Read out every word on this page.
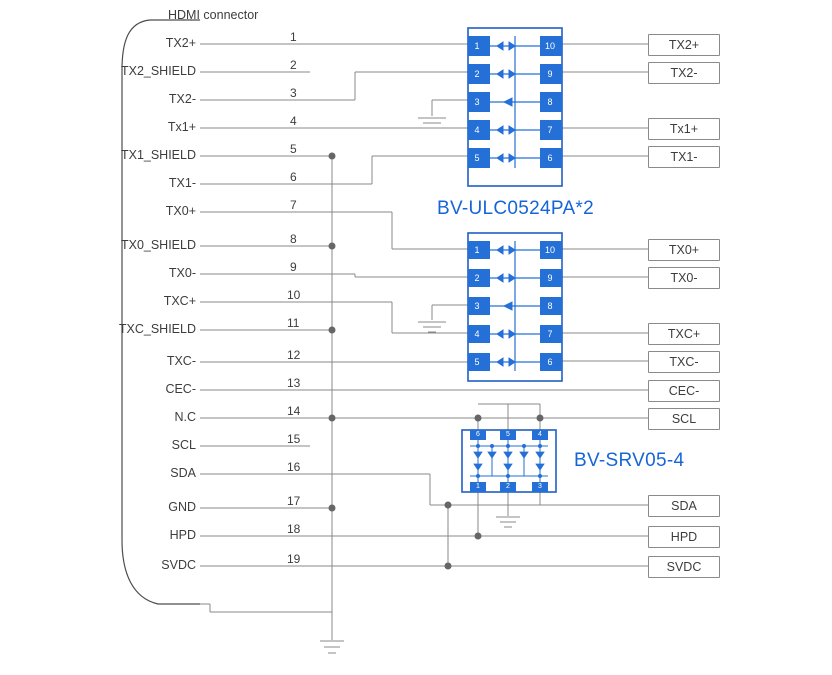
HDMI connector
TX2+
TX2_SHIELD
TX2-
Tx1+
TX1_SHIELD
TX1-
TX0+
TX0_SHIELD
TX0-
TXC+
TXC_SHIELD
TXC-
CEC-
N.C
SCL
SDA
GND
HPD
SVDC
1
2
3
4
5
6
7
8
9
10
11
12
13
14
15
16
17
18
19
1
2
3
4
5
10
9
8
7
6
1
2
3
4
5
10
9
8
7
6
6	5	4
1	2	3
BV-ULC0524PA*2
BV-SRV05-4
TX2+
TX2-
Tx1+
TX1-
TX0+
TX0-
TXC+
TXC-
CEC-
SCL
SDA
HPD
SVDC
